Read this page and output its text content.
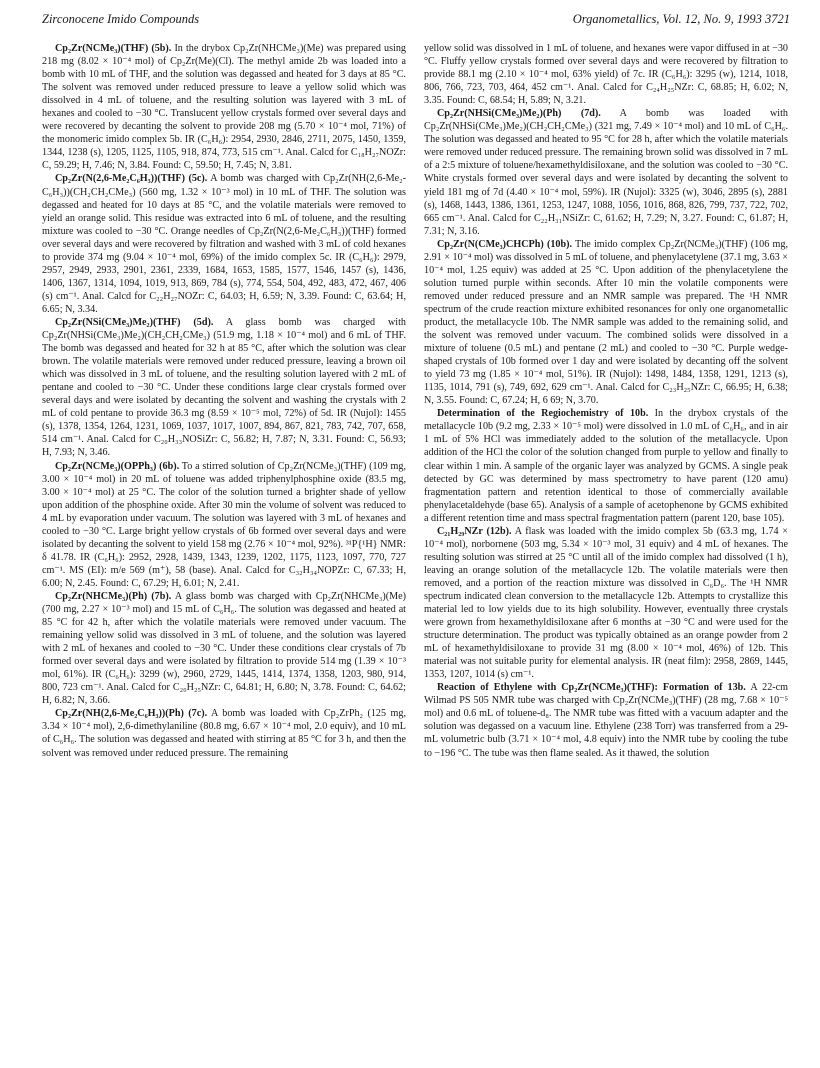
Zirconocene Imido Compounds	Organometallics, Vol. 12, No. 9, 1993 3721

Cp₂Zr(NCMe₃)(THF) (5b). In the drybox Cp₂Zr(NHCMe₃)(Me) was prepared using 218 mg (8.02 × 10⁻⁴ mol) of Cp₂Zr(Me)(Cl). The methyl amide 2b was loaded into a bomb with 10 mL of THF, and the solution was degassed and heated for 3 days at 85 °C. The solvent was removed under reduced pressure to leave a yellow solid which was dissolved in 4 mL of toluene, and the resulting solution was layered with 3 mL of hexanes and cooled to −30 °C. Translucent yellow crystals formed over several days and were recovered by decanting the solvent to provide 208 mg (5.70 × 10⁻⁴ mol, 71%) of the monomeric imido complex 5b. IR (C₆H₆): 2954, 2930, 2846, 2711, 2075, 1450, 1359, 1344, 1238 (s), 1205, 1125, 1105, 918, 874, 773, 515 cm⁻¹. Anal. Calcd for C₁₈H₂₇NOZr: C, 59.29; H, 7.46; N, 3.84. Found: C, 59.50; H, 7.45; N, 3.81.

Cp₂Zr(N(2,6-Me₂C₆H₃))(THF) (5c). A bomb was charged with Cp₂Zr(NH(2,6-Me₂-C₆H₃))(CH₂CH₂CMe₃) (560 mg, 1.32 × 10⁻³ mol) in 10 mL of THF. The solution was degassed and heated for 10 days at 85 °C, and the volatile materials were removed to yield an orange solid. This residue was extracted into 6 mL of toluene, and the resulting mixture was cooled to −30 °C. Orange needles of Cp₂Zr(N(2,6-Me₂C₆H₃))(THF) formed over several days and were recovered by filtration and washed with 3 mL of cold hexanes to provide 374 mg (9.04 × 10⁻⁴ mol, 69%) of the imido complex 5c. IR (C₆H₆): 2979, 2957, 2949, 2933, 2901, 2361, 2339, 1684, 1653, 1585, 1577, 1546, 1457 (s), 1436, 1406, 1367, 1314, 1094, 1019, 913, 869, 784 (s), 774, 554, 504, 492, 483, 472, 467, 406 (s) cm⁻¹. Anal. Calcd for C₂₂H₂₇NOZr: C, 64.03; H, 6.59; N, 3.39. Found: C, 63.64; H, 6.65; N, 3.34.

Cp₂Zr(NSi(CMe₃)Me₂)(THF) (5d). A glass bomb was charged with Cp₂Zr(NHSi(CMe₃)Me₂)(CH₂CH₂CMe₃) (51.9 mg, 1.18 × 10⁻⁴ mol) and 6 mL of THF. The bomb was degassed and heated for 32 h at 85 °C, after which the solution was clear brown. The volatile materials were removed under reduced pressure, leaving a brown oil which was dissolved in 3 mL of toluene, and the resulting solution layered with 2 mL of pentane and cooled to −30 °C. Under these conditions large clear crystals formed over several days and were isolated by decanting the solvent and washing the crystals with 2 mL of cold pentane to provide 36.3 mg (8.59 × 10⁻⁵ mol, 72%) of 5d. IR (Nujol): 1455 (s), 1378, 1354, 1264, 1231, 1069, 1037, 1017, 1007, 894, 867, 821, 783, 742, 707, 658, 514 cm⁻¹. Anal. Calcd for C₂₀H₃₃NOSiZr: C, 56.82; H, 7.87; N, 3.31. Found: C, 56.93; H, 7.93; N, 3.46.

Cp₂Zr(NCMe₃)(OPPh₃) (6b). To a stirred solution of Cp₂Zr(NCMe₃)(THF) (109 mg, 3.00 × 10⁻⁴ mol) in 20 mL of toluene was added triphenylphosphine oxide (83.5 mg, 3.00 × 10⁻⁴ mol) at 25 °C. The color of the solution turned a brighter shade of yellow upon addition of the phosphine oxide. After 30 min the volume of solvent was reduced to 4 mL by evaporation under vacuum. The solution was layered with 3 mL of hexanes and cooled to −30 °C. Large bright yellow crystals of 6b formed over several days and were isolated by decanting the solvent to yield 158 mg (2.76 × 10⁻⁴ mol, 92%). ³¹P{¹H} NMR: δ 41.78. IR (C₆H₆): 2952, 2928, 1439, 1343, 1239, 1202, 1175, 1123, 1097, 770, 727 cm⁻¹. MS (EI): m/e 569 (m⁺), 58 (base). Anal. Calcd for C₃₂H₃₄NOPZr: C, 67.33; H, 6.00; N, 2.45. Found: C, 67.29; H, 6.01; N, 2.41.

Cp₂Zr(NHCMe₃)(Ph) (7b). A glass bomb was charged with Cp₂Zr(NHCMe₃)(Me) (700 mg, 2.27 × 10⁻³ mol) and 15 mL of C₆H₆. The solution was degassed and heated at 85 °C for 42 h, after which the volatile materials were removed under vacuum. The remaining yellow solid was dissolved in 3 mL of toluene, and the solution was layered with 2 mL of hexanes and cooled to −30 °C. Under these conditions clear crystals of 7b formed over several days and were isolated by filtration to provide 514 mg (1.39 × 10⁻³ mol, 61%). IR (C₆H₆): 3299 (w), 2960, 2729, 1445, 1414, 1374, 1358, 1203, 980, 914, 800, 723 cm⁻¹. Anal. Calcd for C₂₀H₂₅NZr: C, 64.81; H, 6.80; N, 3.78. Found: C, 64.62; H, 6.82; N, 3.66.

Cp₂Zr(NH(2,6-Me₂C₆H₃))(Ph) (7c). A bomb was loaded with Cp₂ZrPh₂ (125 mg, 3.34 × 10⁻⁴ mol), 2,6-dimethylaniline (80.8 mg, 6.67 × 10⁻⁴ mol, 2.0 equiv), and 10 mL of C₆H₆. The solution was degassed and heated with stirring at 85 °C for 3 h, and then the solvent was removed under reduced pressure. The remaining

yellow solid was dissolved in 1 mL of toluene, and hexanes were vapor diffused in at −30 °C. Fluffy yellow crystals formed over several days and were recovered by filtration to provide 88.1 mg (2.10 × 10⁻⁴ mol, 63% yield) of 7c. IR (C₆H₆): 3295 (w), 1214, 1018, 806, 766, 723, 703, 464, 452 cm⁻¹. Anal. Calcd for C₂₄H₂₅NZr: C, 68.85; H, 6.02; N, 3.35. Found: C, 68.54; H, 5.89; N, 3.21.

Cp₂Zr(NHSi(CMe₃)Me₂)(Ph) (7d). A bomb was loaded with Cp₂Zr(NHSi(CMe₃)Me₂)(CH₂CH₂CMe₃) (321 mg, 7.49 × 10⁻⁴ mol) and 10 mL of C₆H₆. The solution was degassed and heated to 95 °C for 28 h, after which the volatile materials were removed under reduced pressure. The remaining brown solid was dissolved in 7 mL of a 2:5 mixture of toluene/hexamethyldisiloxane, and the solution was cooled to −30 °C. White crystals formed over several days and were isolated by decanting the solvent to yield 181 mg of 7d (4.40 × 10⁻⁴ mol, 59%). IR (Nujol): 3325 (w), 3046, 2895 (s), 2881 (s), 1468, 1443, 1386, 1361, 1253, 1247, 1088, 1056, 1016, 868, 826, 799, 737, 722, 702, 665 cm⁻¹. Anal. Calcd for C₂₂H₃₁NSiZr: C, 61.62; H, 7.29; N, 3.27. Found: C, 61.87; H, 7.31; N, 3.16.

Cp₂Zr(N(CMe₃)CHCPh) (10b). The imido complex Cp₂Zr(NCMe₃)(THF) (106 mg, 2.91 × 10⁻⁴ mol) was dissolved in 5 mL of toluene, and phenylacetylene (37.1 mg, 3.63 × 10⁻⁴ mol, 1.25 equiv) was added at 25 °C. Upon addition of the phenylacetylene the solution turned purple within seconds. After 10 min the volatile components were removed under reduced pressure and an NMR sample was prepared. The ¹H NMR spectrum of the crude reaction mixture exhibited resonances for only one organometallic product, the metallacycle 10b. The NMR sample was added to the remaining solid, and the solvent was removed under vacuum. The combined solids were dissolved in a mixture of toluene (0.5 mL) and pentane (2 mL) and cooled to −30 °C. Purple wedge-shaped crystals of 10b formed over 1 day and were isolated by decanting off the solvent to yield 73 mg (1.85 × 10⁻⁴ mol, 51%). IR (Nujol): 1498, 1484, 1358, 1291, 1213 (s), 1135, 1014, 791 (s), 749, 692, 629 cm⁻¹. Anal. Calcd for C₂₃H₂₅NZr: C, 66.95; H, 6.38; N, 3.55. Found: C, 67.24; H, 6 69; N, 3.70.

Determination of the Regiochemistry of 10b. In the drybox crystals of the metallacycle 10b (9.2 mg, 2.33 × 10⁻⁵ mol) were dissolved in 1.0 mL of C₆H₆, and in air 1 mL of 5% HCl was immediately added to the solution of the metallacycle. Upon addition of the HCl the color of the solution changed from purple to yellow and finally to clear within 1 min. A sample of the organic layer was analyzed by GCMS. A single peak detected by GC was determined by mass spectrometry to have parent (120 amu) fragmentation pattern and retention identical to those of commercially available phenylacetaldehyde (base 65). Analysis of a sample of acetophenone by GCMS exhibited a different retention time and mass spectral fragmentation pattern (parent 120, base 105).

C₂₁H₂₉NZr (12b). A flask was loaded with the imido complex 5b (63.3 mg, 1.74 × 10⁻⁴ mol), norbornene (503 mg, 5.34 × 10⁻³ mol, 31 equiv) and 4 mL of hexanes. The resulting solution was stirred at 25 °C until all of the imido complex had dissolved (1 h), leaving an orange solution of the metallacycle 12b. The volatile materials were then removed, and a portion of the reaction mixture was dissolved in C₆D₆. The ¹H NMR spectrum indicated clean conversion to the metallacycle 12b. Attempts to crystallize this material led to low yields due to its high solubility. However, eventually three crystals were grown from hexamethyldisiloxane after 6 months at −30 °C and were used for the structure determination. The product was typically obtained as an orange powder from 2 mL of hexamethyldisiloxane to provide 31 mg (8.00 × 10⁻⁴ mol, 46%) of 12b. This material was not suitable purity for elemental analysis. IR (neat film): 2958, 2869, 1445, 1353, 1207, 1014 (s) cm⁻¹.

Reaction of Ethylene with Cp₂Zr(NCMe₃)(THF): Formation of 13b. A 22-cm Wilmad PS 505 NMR tube was charged with Cp₂Zr(NCMe₃)(THF) (28 mg, 7.68 × 10⁻⁵ mol) and 0.6 mL of toluene-d₈. The NMR tube was fitted with a vacuum adapter and the solution was degassed on a vacuum line. Ethylene (238 Torr) was transferred from a 29-mL volumetric bulb (3.71 × 10⁻⁴ mol, 4.8 equiv) into the NMR tube by cooling the tube to −196 °C. The tube was then flame sealed. As it thawed, the solution
